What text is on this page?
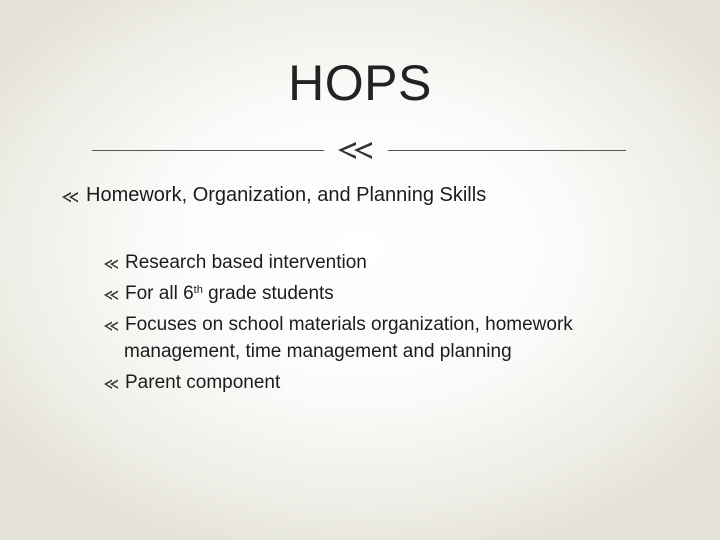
HOPS
Homework, Organization, and Planning Skills
Research based intervention
For all 6th grade students
Focuses on school materials organization, homework
management, time management and planning
Parent component
